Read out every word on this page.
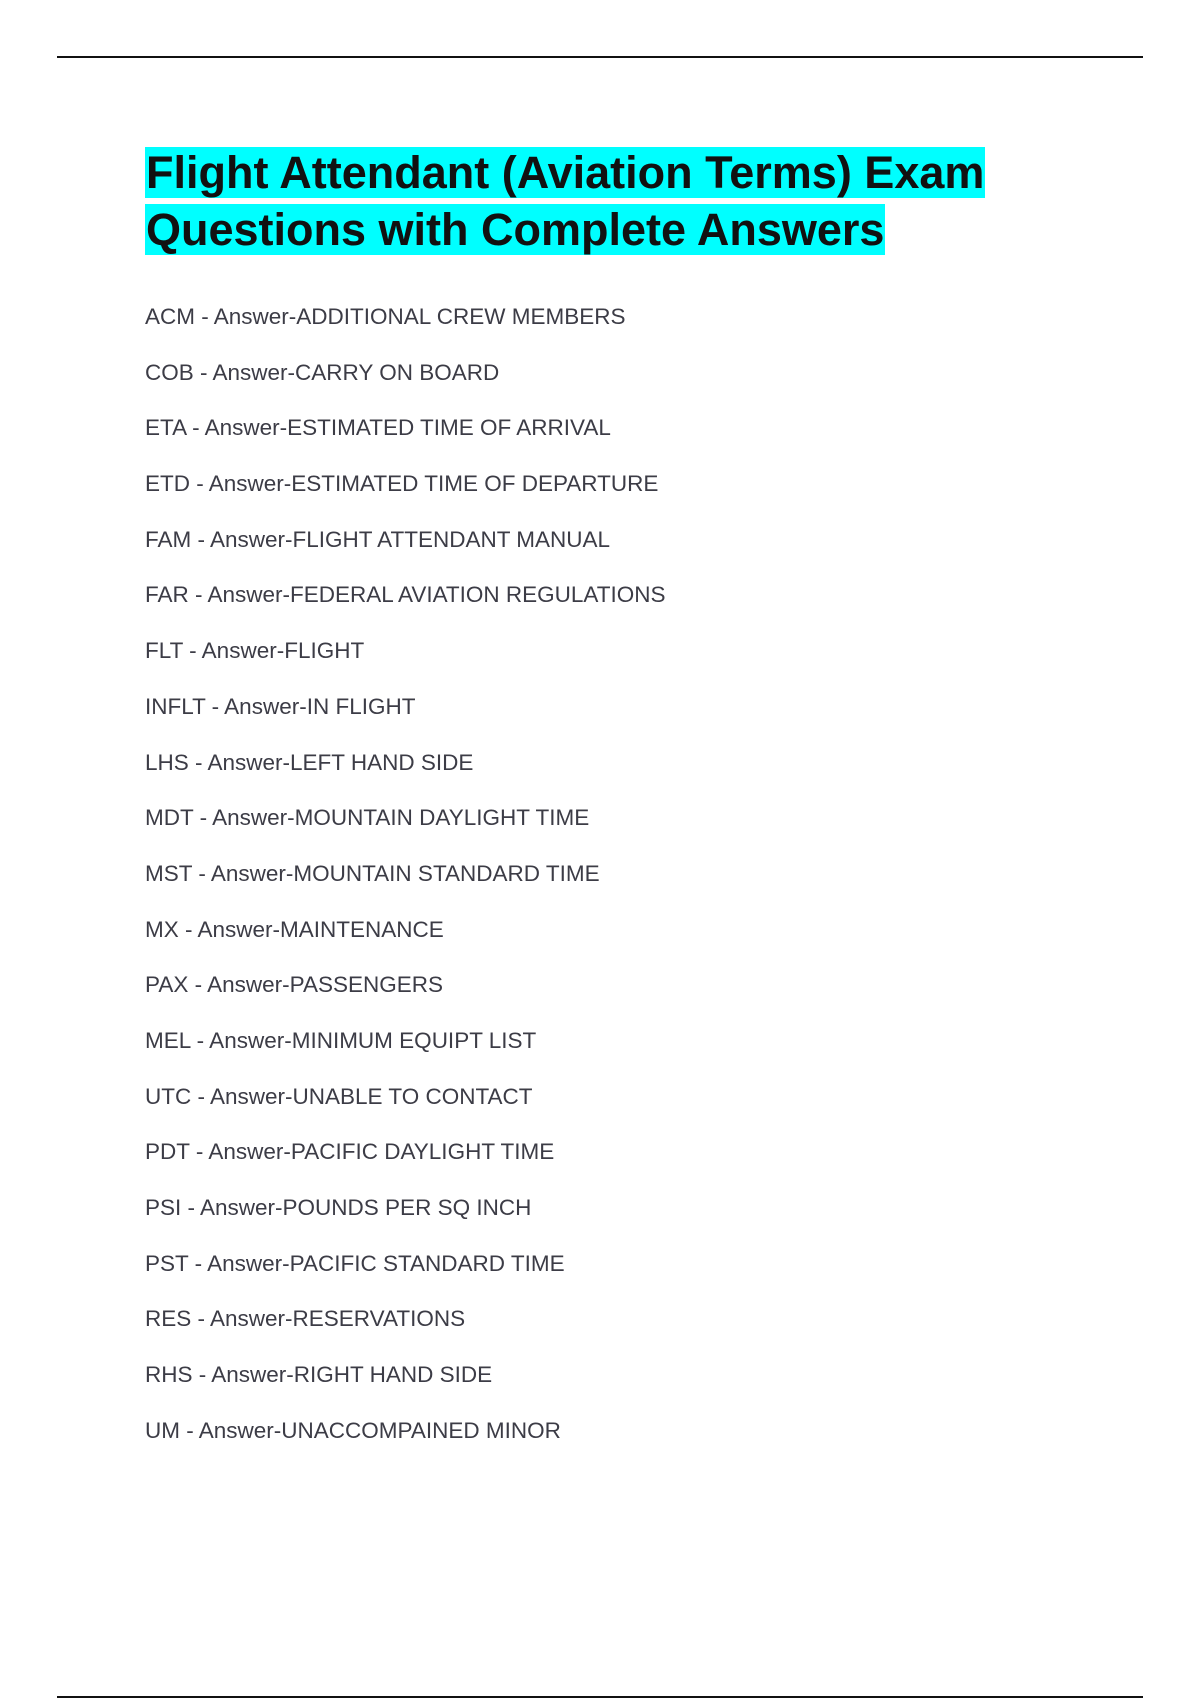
Flight Attendant (Aviation Terms) Exam Questions with Complete Answers
ACM - Answer-ADDITIONAL CREW MEMBERS
COB - Answer-CARRY ON BOARD
ETA - Answer-ESTIMATED TIME OF ARRIVAL
ETD - Answer-ESTIMATED TIME OF DEPARTURE
FAM - Answer-FLIGHT ATTENDANT MANUAL
FAR - Answer-FEDERAL AVIATION REGULATIONS
FLT - Answer-FLIGHT
INFLT - Answer-IN FLIGHT
LHS - Answer-LEFT HAND SIDE
MDT - Answer-MOUNTAIN DAYLIGHT TIME
MST - Answer-MOUNTAIN STANDARD TIME
MX - Answer-MAINTENANCE
PAX - Answer-PASSENGERS
MEL - Answer-MINIMUM EQUIPT LIST
UTC - Answer-UNABLE TO CONTACT
PDT - Answer-PACIFIC DAYLIGHT TIME
PSI - Answer-POUNDS PER SQ INCH
PST - Answer-PACIFIC STANDARD TIME
RES - Answer-RESERVATIONS
RHS - Answer-RIGHT HAND SIDE
UM - Answer-UNACCOMPAINED MINOR
